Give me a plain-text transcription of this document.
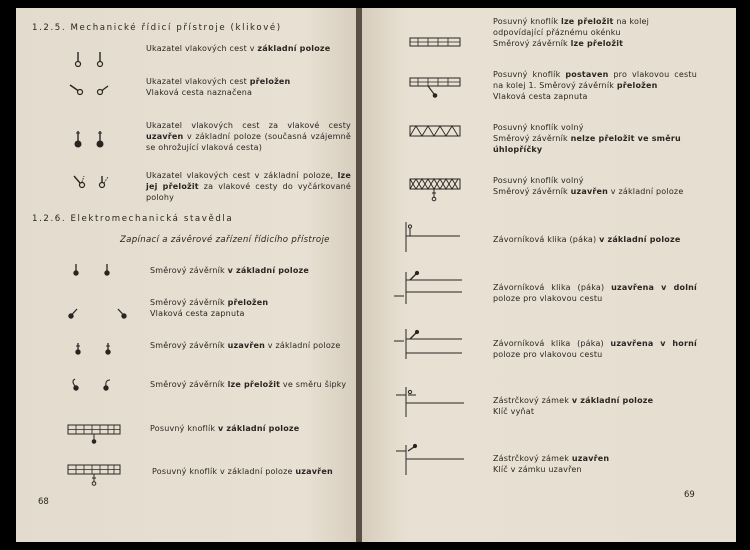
1.2.5. Mechanické řídicí přístroje (klikové)
Ukazatel vlakových cest v základní poloze
Ukazatel vlakových cest přeložen
Vlaková cesta naznačena
Ukazatel vlakových cest za vlakové cesty uzavřen v základní poloze (současná vzájemně se ohrožující vlaková cesta)
Ukazatel vlakových cest v základní poloze, lze jej přeložit za vlakové cesty do vyčárkované polohy
1.2.6. Elektromechanická stavědla
Zapínací a závěrové zařízení řídicího přístroje
Směrový závěrník v základní poloze
Směrový závěrník přeložen
Vlaková cesta zapnuta
Směrový závěrník uzavřen v základní poloze
Směrový závěrník lze přeložit ve směru šipky
Posuvný knoflík v základní poloze
Posuvný knoflík v základní poloze uzavřen
68
Posuvný knoflík lze přeložit na kolej odpovídající přáznému okénku
Směrový závěrník lze přeložit
Posuvný knoflík postaven pro vlakovou cestu na kolej 1. Směrový závěrník přeložen
Vlaková cesta zapnuta
Posuvný knoflík volný
Směrový závěrník nelze přeložit ve směru úhlopříčky
Posuvný knoflík volný
Směrový závěrník uzavřen v základní poloze
Závorníková klika (páka) v základní poloze
Závorníková klika (páka) uzavřena v dolní poloze pro vlakovou cestu
Závorníková klika (páka) uzavřena v horní poloze pro vlakovou cestu
Zástrčkový zámek v základní poloze
Klíč vyňat
Zástrčkový zámek uzavřen
Klíč v zámku uzavřen
69
